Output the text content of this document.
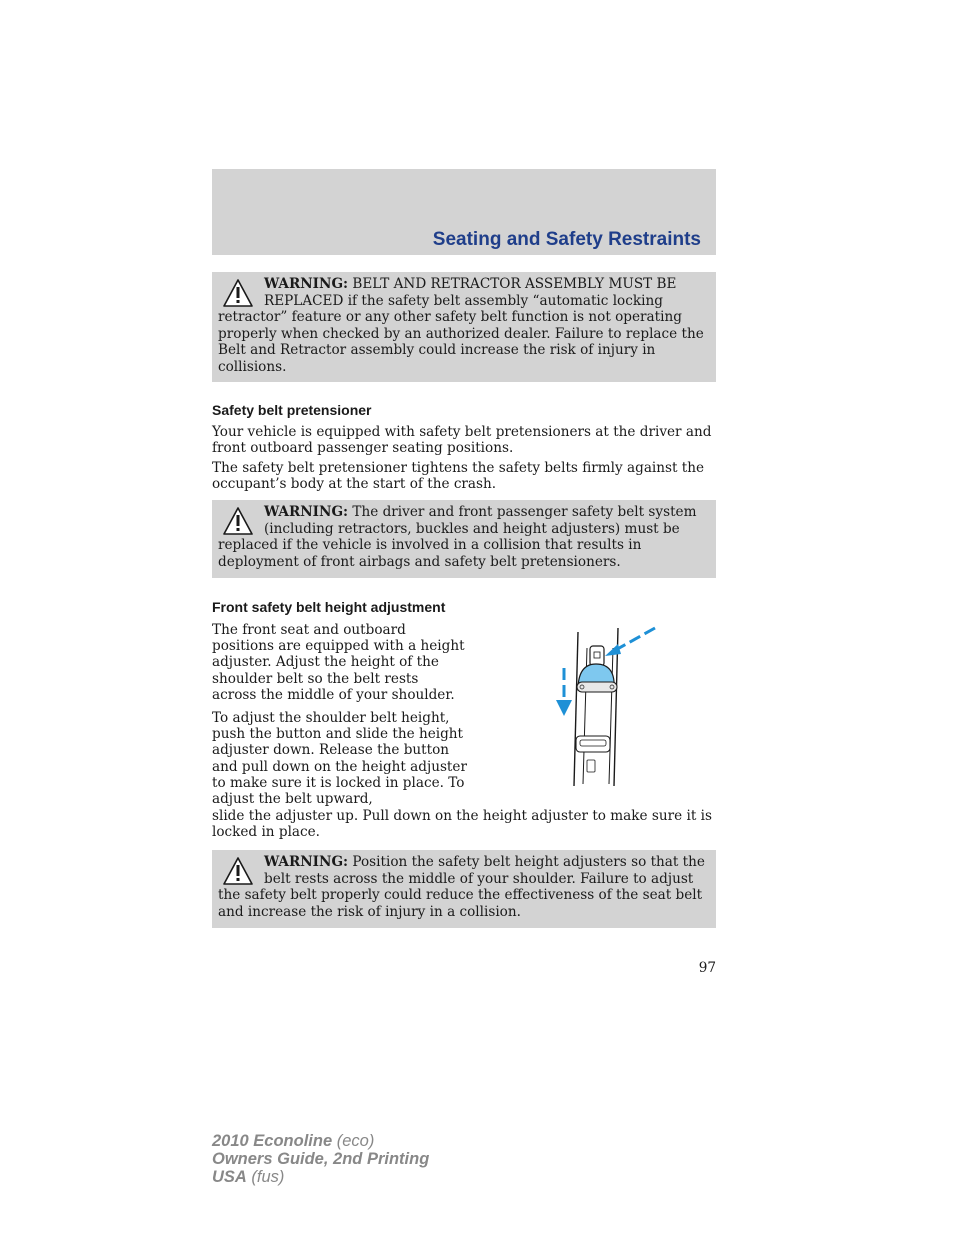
Seating and Safety Restraints

WARNING: BELT AND RETRACTOR ASSEMBLY MUST BE REPLACED if the safety belt assembly “automatic locking retractor” feature or any other safety belt function is not operating properly when checked by an authorized dealer. Failure to replace the Belt and Retractor assembly could increase the risk of injury in collisions.

Safety belt pretensioner

Your vehicle is equipped with safety belt pretensioners at the driver and front outboard passenger seating positions.

The safety belt pretensioner tightens the safety belts firmly against the occupant’s body at the start of the crash.

WARNING: The driver and front passenger safety belt system (including retractors, buckles and height adjusters) must be replaced if the vehicle is involved in a collision that results in deployment of front airbags and safety belt pretensioners.

Front safety belt height adjustment

The front seat and outboard positions are equipped with a height adjuster. Adjust the height of the shoulder belt so the belt rests across the middle of your shoulder.

To adjust the shoulder belt height, push the button and slide the height adjuster down. Release the button and pull down on the height adjuster to make sure it is locked in place. To adjust the belt upward,

slide the adjuster up. Pull down on the height adjuster to make sure it is locked in place.

WARNING: Position the safety belt height adjusters so that the belt rests across the middle of your shoulder. Failure to adjust the safety belt properly could reduce the effectiveness of the seat belt and increase the risk of injury in a collision.

97
2010 Econoline (eco)
Owners Guide, 2nd Printing
USA (fus)
